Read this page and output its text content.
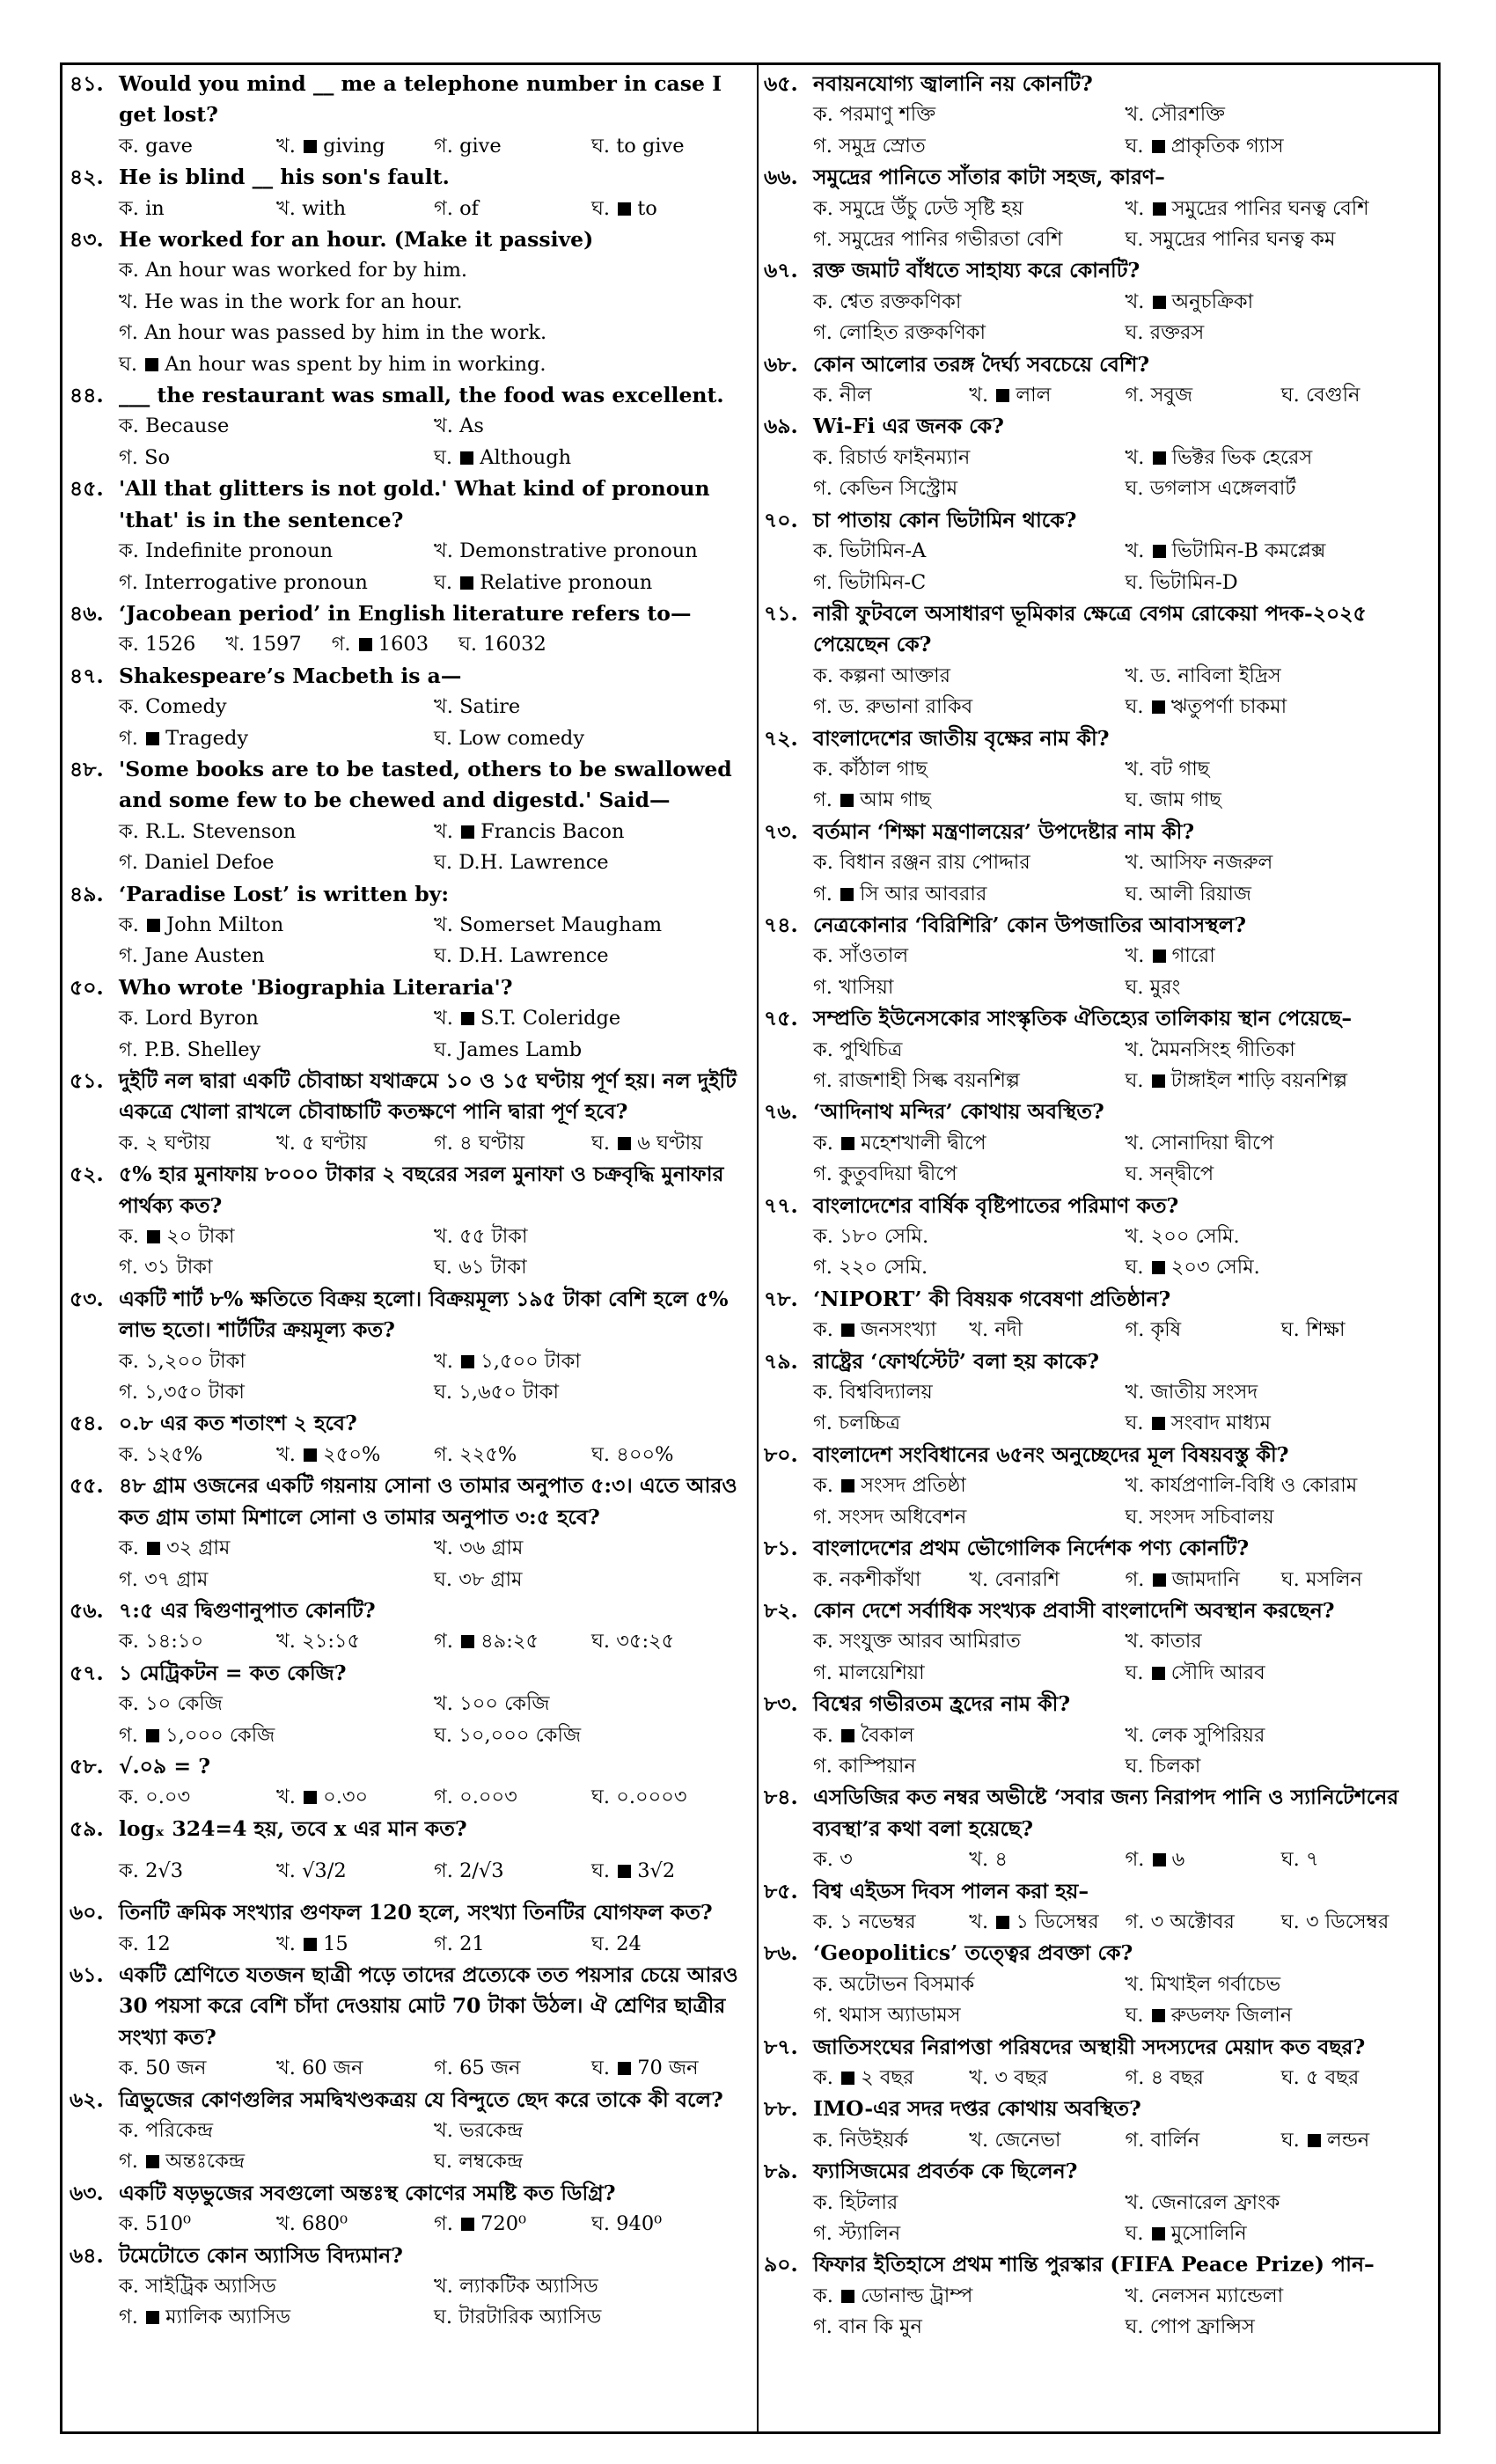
৪১. Would you mind __ me a telephone number in case I get lost?
ক. gave	খ. giving	গ. give	ঘ. to give
৪২. He is blind __ his son's fault.
ক. in	খ. with	গ. of	ঘ. to
৪৩. He worked for an hour. (Make it passive)
ক. An hour was worked for by him.
খ. He was in the work for an hour.
গ. An hour was passed by him in the work.
ঘ. An hour was spent by him in working.
৪৪. ___ the restaurant was small, the food was excellent.
ক. Because	খ. As
গ. So	ঘ. Although
৪৫. 'All that glitters is not gold.' What kind of pronoun 'that' is in the sentence?
ক. Indefinite pronoun	খ. Demonstrative pronoun
গ. Interrogative pronoun	ঘ. Relative pronoun
৪৬. ‘Jacobean period’ in English literature refers to—
ক. 1526 খ. 1597 গ. 1603 ঘ. 16032
৪৭. Shakespeare’s Macbeth is a—
ক. Comedy	খ. Satire
গ. Tragedy	ঘ. Low comedy
৪৮. 'Some books are to be tasted, others to be swallowed and some few to be chewed and digestd.' Said—
ক. R.L. Stevenson	খ. Francis Bacon
গ. Daniel Defoe	ঘ. D.H. Lawrence
৪৯. ‘Paradise Lost’ is written by:
ক. John Milton	খ. Somerset Maugham
গ. Jane Austen	ঘ. D.H. Lawrence
৫০. Who wrote 'Biographia Literaria'?
ক. Lord Byron	খ. S.T. Coleridge
গ. P.B. Shelley	ঘ. James Lamb
৫১. দুইটি নল দ্বারা একটি চৌবাচ্চা যথাক্রমে ১০ ও ১৫ ঘণ্টায় পূর্ণ হয়। নল দুইটি একত্রে খোলা রাখলে চৌবাচ্চাটি কতক্ষণে পানি দ্বারা পূর্ণ হবে?
ক. ২ ঘণ্টায়	খ. ৫ ঘণ্টায়	গ. ৪ ঘণ্টায়	ঘ. ৬ ঘণ্টায়
৫২. ৫% হার মুনাফায় ৮০০০ টাকার ২ বছরের সরল মুনাফা ও চক্রবৃদ্ধি মুনাফার পার্থক্য কত?
ক. ২০ টাকা	খ. ৫৫ টাকা
গ. ৩১ টাকা	ঘ. ৬১ টাকা
৫৩. একটি শার্ট ৮% ক্ষতিতে বিক্রয় হলো। বিক্রয়মূল্য ১৯৫ টাকা বেশি হলে ৫% লাভ হতো। শার্টটির ক্রয়মূল্য কত?
ক. ১,২০০ টাকা	খ. ১,৫০০ টাকা
গ. ১,৩৫০ টাকা	ঘ. ১,৬৫০ টাকা
৫৪. ০.৮ এর কত শতাংশ ২ হবে?
ক. ১২৫%	খ. ২৫০%	গ. ২২৫%	ঘ. ৪০০%
৫৫. ৪৮ গ্রাম ওজনের একটি গয়নায় সোনা ও তামার অনুপাত ৫:৩। এতে আরও কত গ্রাম তামা মিশালে সোনা ও তামার অনুপাত ৩:৫ হবে?
ক. ৩২ গ্রাম	খ. ৩৬ গ্রাম
গ. ৩৭ গ্রাম	ঘ. ৩৮ গ্রাম
৫৬. ৭:৫ এর দ্বিগুণানুপাত কোনটি?
ক. ১৪:১০	খ. ২১:১৫	গ. ৪৯:২৫	ঘ. ৩৫:২৫
৫৭. ১ মেট্রিকটন = কত কেজি?
ক. ১০ কেজি	খ. ১০০ কেজি
গ. ১,০০০ কেজি	ঘ. ১০,০০০ কেজি
৫৮. √.০৯ = ?
ক. ০.০৩	খ. ০.৩০	গ. ০.০০৩	ঘ. ০.০০০৩
৫৯. logₓ 324=4 হয়, তবে x এর মান কত?
ক. 2√3	খ. √3/2	গ. 2/√3	ঘ. 3√2
৬০. তিনটি ক্রমিক সংখ্যার গুণফল 120 হলে, সংখ্যা তিনটির যোগফল কত?
ক. 12	খ. 15	গ. 21	ঘ. 24
৬১. একটি শ্রেণিতে যতজন ছাত্রী পড়ে তাদের প্রত্যেকে তত পয়সার চেয়ে আরও 30 পয়সা করে বেশি চাঁদা দেওয়ায় মোট 70 টাকা উঠল। ঐ শ্রেণির ছাত্রীর সংখ্যা কত?
ক. 50 জন	খ. 60 জন	গ. 65 জন	ঘ. 70 জন
৬২. ত্রিভুজের কোণগুলির সমদ্বিখণ্ডকত্রয় যে বিন্দুতে ছেদ করে তাকে কী বলে?
ক. পরিকেন্দ্র	খ. ভরকেন্দ্র
গ. অন্তঃকেন্দ্র	ঘ. লম্বকেন্দ্র
৬৩. একটি ষড়ভুজের সবগুলো অন্তঃস্থ কোণের সমষ্টি কত ডিগ্রি?
ক. 510⁰	খ. 680⁰	গ. 720⁰	ঘ. 940⁰
৬৪. টমেটোতে কোন অ্যাসিড বিদ্যমান?
ক. সাইট্রিক অ্যাসিড	খ. ল্যাকটিক অ্যাসিড
গ. ম্যালিক অ্যাসিড	ঘ. টারটারিক অ্যাসিড
৬৫. নবায়নযোগ্য জ্বালানি নয় কোনটি?
ক. পরমাণু শক্তি	খ. সৌরশক্তি
গ. সমুদ্র স্রোত	ঘ. প্রাকৃতিক গ্যাস
৬৬. সমুদ্রের পানিতে সাঁতার কাটা সহজ, কারণ–
ক. সমুদ্রে উঁচু ঢেউ সৃষ্টি হয়	খ. সমুদ্রের পানির ঘনত্ব বেশি
গ. সমুদ্রের পানির গভীরতা বেশি	ঘ. সমুদ্রের পানির ঘনত্ব কম
৬৭. রক্ত জমাট বাঁধতে সাহায্য করে কোনটি?
ক. শ্বেত রক্তকণিকা	খ. অনুচক্রিকা
গ. লোহিত রক্তকণিকা	ঘ. রক্তরস
৬৮. কোন আলোর তরঙ্গ দৈর্ঘ্য সবচেয়ে বেশি?
ক. নীল	খ. লাল	গ. সবুজ	ঘ. বেগুনি
৬৯. Wi-Fi এর জনক কে?
ক. রিচার্ড ফাইনম্যান	খ. ভিক্টর ভিক হেরেস
গ. কেভিন সিস্ট্রোম	ঘ. ডগলাস এঙ্গেলবার্ট
৭০. চা পাতায় কোন ভিটামিন থাকে?
ক. ভিটামিন-A	খ. ভিটামিন-B কমপ্লেক্স
গ. ভিটামিন-C	ঘ. ভিটামিন-D
৭১. নারী ফুটবলে অসাধারণ ভূমিকার ক্ষেত্রে বেগম রোকেয়া পদক-২০২৫ পেয়েছেন কে?
ক. কল্পনা আক্তার	খ. ড. নাবিলা ইদ্রিস
গ. ড. রুভানা রাকিব	ঘ. ঋতুপর্ণা চাকমা
৭২. বাংলাদেশের জাতীয় বৃক্ষের নাম কী?
ক. কাঁঠাল গাছ	খ. বট গাছ
গ. আম গাছ	ঘ. জাম গাছ
৭৩. বর্তমান ‘শিক্ষা মন্ত্রণালয়ের’ উপদেষ্টার নাম কী?
ক. বিধান রঞ্জন রায় পোদ্দার	খ. আসিফ নজরুল
গ. সি আর আবরার	ঘ. আলী রিয়াজ
৭৪. নেত্রকোনার ‘বিরিশিরি’ কোন উপজাতির আবাসস্থল?
ক. সাঁওতাল	খ. গারো
গ. খাসিয়া	ঘ. মুরং
৭৫. সম্প্রতি ইউনেসকোর সাংস্কৃতিক ঐতিহ্যের তালিকায় স্থান পেয়েছে–
ক. পুথিচিত্র	খ. মৈমনসিংহ গীতিকা
গ. রাজশাহী সিল্ক বয়নশিল্প	ঘ. টাঙ্গাইল শাড়ি বয়নশিল্প
৭৬. ‘আদিনাথ মন্দির’ কোথায় অবস্থিত?
ক. মহেশখালী দ্বীপে	খ. সোনাদিয়া দ্বীপে
গ. কুতুবদিয়া দ্বীপে	ঘ. সন্দ্বীপে
৭৭. বাংলাদেশের বার্ষিক বৃষ্টিপাতের পরিমাণ কত?
ক. ১৮০ সেমি.	খ. ২০০ সেমি.
গ. ২২০ সেমি.	ঘ. ২০৩ সেমি.
৭৮. ‘NIPORT’ কী বিষয়ক গবেষণা প্রতিষ্ঠান?
ক. জনসংখ্যা	খ. নদী	গ. কৃষি	ঘ. শিক্ষা
৭৯. রাষ্ট্রের ‘ফোর্থস্টেট’ বলা হয় কাকে?
ক. বিশ্ববিদ্যালয়	খ. জাতীয় সংসদ
গ. চলচ্চিত্র	ঘ. সংবাদ মাধ্যম
৮০. বাংলাদেশ সংবিধানের ৬৫নং অনুচ্ছেদের মূল বিষয়বস্তু কী?
ক. সংসদ প্রতিষ্ঠা	খ. কার্যপ্রণালি-বিধি ও কোরাম
গ. সংসদ অধিবেশন	ঘ. সংসদ সচিবালয়
৮১. বাংলাদেশের প্রথম ভৌগোলিক নির্দেশক পণ্য কোনটি?
ক. নকশীকাঁথা	খ. বেনারশি	গ. জামদানি	ঘ. মসলিন
৮২. কোন দেশে সর্বাধিক সংখ্যক প্রবাসী বাংলাদেশি অবস্থান করছেন?
ক. সংযুক্ত আরব আমিরাত	খ. কাতার
গ. মালয়েশিয়া	ঘ. সৌদি আরব
৮৩. বিশ্বের গভীরতম হ্রদের নাম কী?
ক. বৈকাল	খ. লেক সুপিরিয়র
গ. কাস্পিয়ান	ঘ. চিলকা
৮৪. এসডিজির কত নম্বর অভীষ্টে ‘সবার জন্য নিরাপদ পানি ও স্যানিটেশনের ব্যবস্থা’র কথা বলা হয়েছে?
ক. ৩	খ. ৪	গ. ৬	ঘ. ৭
৮৫. বিশ্ব এইডস দিবস পালন করা হয়–
ক. ১ নভেম্বর	খ. ১ ডিসেম্বর	গ. ৩ অক্টোবর	ঘ. ৩ ডিসেম্বর
৮৬. ‘Geopolitics’ তত্ত্বের প্রবক্তা কে?
ক. অটোভন বিসমার্ক	খ. মিখাইল গর্বাচেভ
গ. থমাস অ্যাডামস	ঘ. রুডলফ জিলান
৮৭. জাতিসংঘের নিরাপত্তা পরিষদের অস্থায়ী সদস্যদের মেয়াদ কত বছর?
ক. ২ বছর	খ. ৩ বছর	গ. ৪ বছর	ঘ. ৫ বছর
৮৮. IMO-এর সদর দপ্তর কোথায় অবস্থিত?
ক. নিউইয়র্ক	খ. জেনেভা	গ. বার্লিন	ঘ. লন্ডন
৮৯. ফ্যাসিজমের প্রবর্তক কে ছিলেন?
ক. হিটলার	খ. জেনারেল ফ্রাংক
গ. স্ট্যালিন	ঘ. মুসোলিনি
৯০. ফিফার ইতিহাসে প্রথম শান্তি পুরস্কার (FIFA Peace Prize) পান–
ক. ডোনাল্ড ট্রাম্প	খ. নেলসন ম্যান্ডেলা
গ. বান কি মুন	ঘ. পোপ ফ্রান্সিস
